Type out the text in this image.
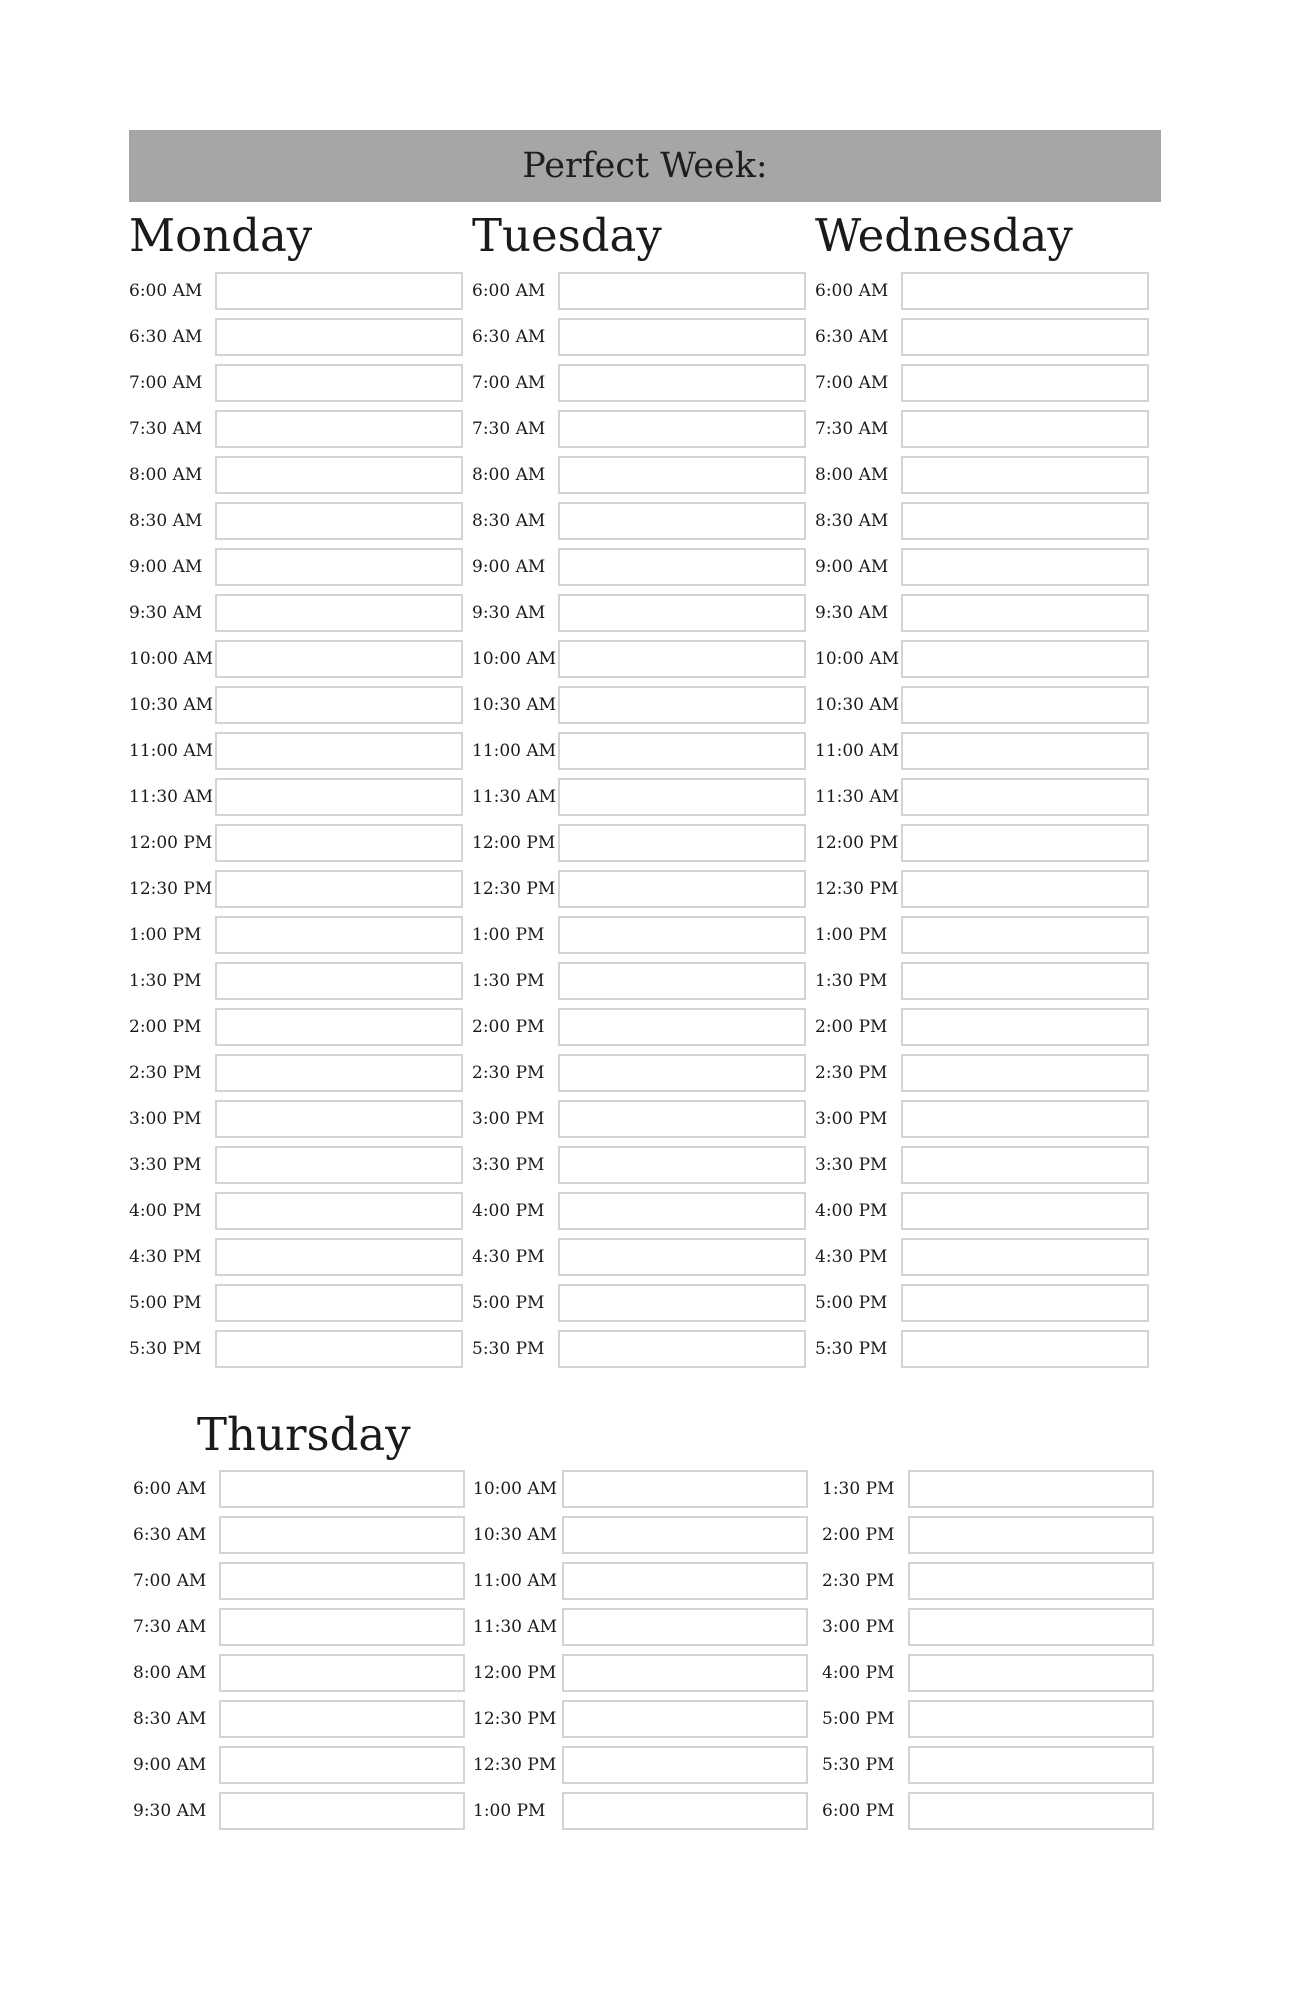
Perfect Week:
Monday	Tuesday	Wednesday
6:00 AM
6:30 AM
7:00 AM
7:30 AM
8:00 AM
8:30 AM
9:00 AM
9:30 AM
10:00 AM
10:30 AM
11:00 AM
11:30 AM
12:00 PM
12:30 PM
1:00 PM
1:30 PM
2:00 PM
2:30 PM
3:00 PM
3:30 PM
4:00 PM
4:30 PM
5:00 PM
5:30 PM
6:00 AM
6:30 AM
7:00 AM
7:30 AM
8:00 AM
8:30 AM
9:00 AM
9:30 AM
10:00 AM
10:30 AM
11:00 AM
11:30 AM
12:00 PM
12:30 PM
1:00 PM
1:30 PM
2:00 PM
2:30 PM
3:00 PM
3:30 PM
4:00 PM
4:30 PM
5:00 PM
5:30 PM
6:00 AM
6:30 AM
7:00 AM
7:30 AM
8:00 AM
8:30 AM
9:00 AM
9:30 AM
10:00 AM
10:30 AM
11:00 AM
11:30 AM
12:00 PM
12:30 PM
1:00 PM
1:30 PM
2:00 PM
2:30 PM
3:00 PM
3:30 PM
4:00 PM
4:30 PM
5:00 PM
5:30 PM
Thursday
6:00 AM
6:30 AM
7:00 AM
7:30 AM
8:00 AM
8:30 AM
9:00 AM
9:30 AM
10:00 AM
10:30 AM
11:00 AM
11:30 AM
12:00 PM
12:30 PM
12:30 PM
1:00 PM
1:30 PM
2:00 PM
2:30 PM
3:00 PM
4:00 PM
5:00 PM
5:30 PM
6:00 PM
